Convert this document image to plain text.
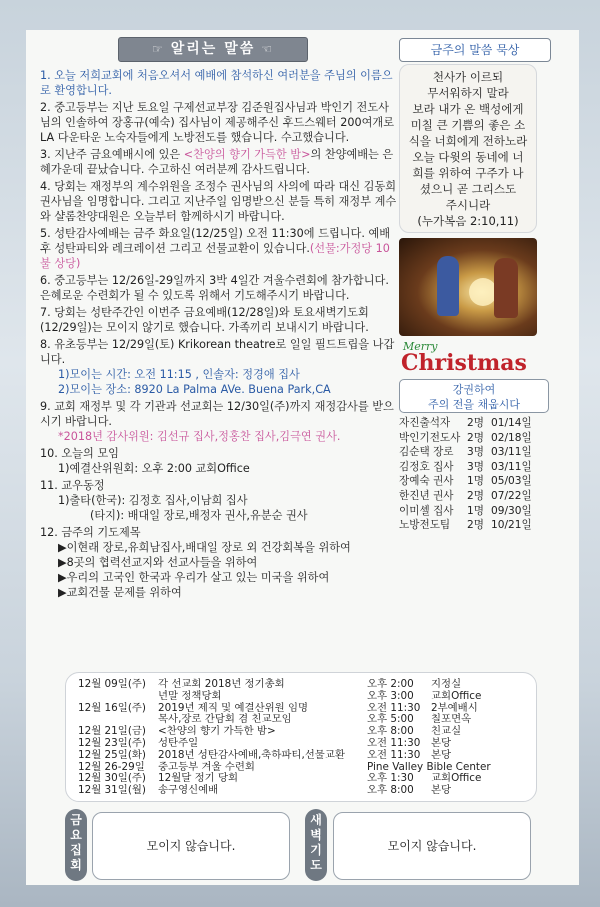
☞ 알리는 말씀 ☜
1. 오늘 저희교회에 처음오셔서 예배에 참석하신 여러분을 주님의 이름으로 환영합니다.
2. 중고등부는 지난 토요일 구제선교부장 김준원집사님과 박인기 전도사님의 인솔하여 장홍규(예숙) 집사님이 제공해주신 후드스웨터 200여개로 LA 다운타운 노숙자들에게 노방전도를 했습니다. 수고했습니다.
3. 지난주 금요예배시에 있은 <찬양의 향기 가득한 밤>의 찬양예배는 은혜가운데 끝났습니다. 수고하신 여러분께 감사드립니다.
4. 당회는 재정부의 계수위원을 조정수 권사님의 사의에 따라 대신 김동희 권사님을 임명합니다. 그리고 지난주일 임명받으신 분들 특히 재정부 계수와 샬롬찬양대원은 오늘부터 함께하시기 바랍니다.
5. 성탄감사예배는 금주 화요일(12/25일) 오전 11:30에 드립니다. 예배후 성탄파티와 레크레이션 그리고 선물교환이 있습니다.(선물:가정당 10불 상당)
6. 중고등부는 12/26일-29일까지 3박 4일간 겨울수련회에 참가합니다. 은혜로운 수련회가 될 수 있도록 위해서 기도해주시기 바랍니다.
7. 당회는 성탄주간인 이번주 금요예배(12/28일)와 토요새벽기도회(12/29일)는 모이지 않기로 했습니다. 가족끼리 보내시기 바랍니다.
8. 유초등부는 12/29일(토) Krikorean theatre로 일일 필드트립을 나갑니다.
1)모이는 시간: 오전 11:15 , 인솔자: 정경애 집사
2)모이는 장소: 8920 La Palma AVe. Buena Park,CA
9. 교회 재정부 및 각 기관과 선교회는 12/30일(주)까지 재정감사를 받으시기 바랍니다.
*2018년 감사위원: 김선규 집사,정홍찬 집사,김극연 권사.
10. 오늘의 모임
1)예결산위원회: 오후 2:00 교회Office
11. 교우동정
1)출타(한국): 김정호 집사,이남희 집사
(타지): 배대일 장로,배정자 권사,유분순 권사
12. 금주의 기도제목
▶이현래 장로,유희남집사,배대일 장로 외 건강회복을 위하여
▶8곳의 협력선교지와 선교사들을 위하여
▶우리의 고국인 한국과 우리가 살고 있는 미국을 위하여
▶교회건물 문제를 위하여
금주의 말씀 묵상
천사가 이르되
무서워하지 말라
보라 내가 온 백성에게
미칠 큰 기쁨의 좋은 소
식을 너희에게 전하노라
오늘 다윗의 동네에 너
희를 위하여 구주가 나
셨으니 곧 그리스도
주시니라
(누가복음 2:10,11)
Merry
Christmas
강권하여
주의 전을 채웁시다
자진출석자	2명 01/14일
박인기전도사 2명 02/18일
김순택 장로	3명 03/11일
김정호 집사	3명 03/11일
장예숙 권사	1명 05/03일
한진년 권사	2명 07/22일
이미셸 집사	1명 09/30일
노방전도팀	2명 10/21일
12월 09일(주)	각 선교회 2018년 정기총회	오후 2:00	지정실
년말 정책당회	오후 3:00	교회Office
12월 16일(주)	2019년 제직 및 예결산위원 임명	오전 11:30	2부예배시
목사,장로 간담회 겸 친교모임	오후 5:00	칠포면옥
12월 21일(금)	<찬양의 향기 가득한 밤>	오후 8:00	친교실
12월 23일(주)	성탄주일	오전 11:30	본당
12월 25일(화)	2018년 성탄감사예배,축하파티,선물교환	오전 11:30	본당
12월 26-29일	중고등부 겨울 수련회	Pine Valley Bible Center
12월 30일(주)	12월달 정기 당회	오후 1:30	교회Office
12월 31일(월)	송구영신예배	오후 8:00	본당
금
요
집
회
모이지 않습니다.
새
벽
기
도
모이지 않습니다.
